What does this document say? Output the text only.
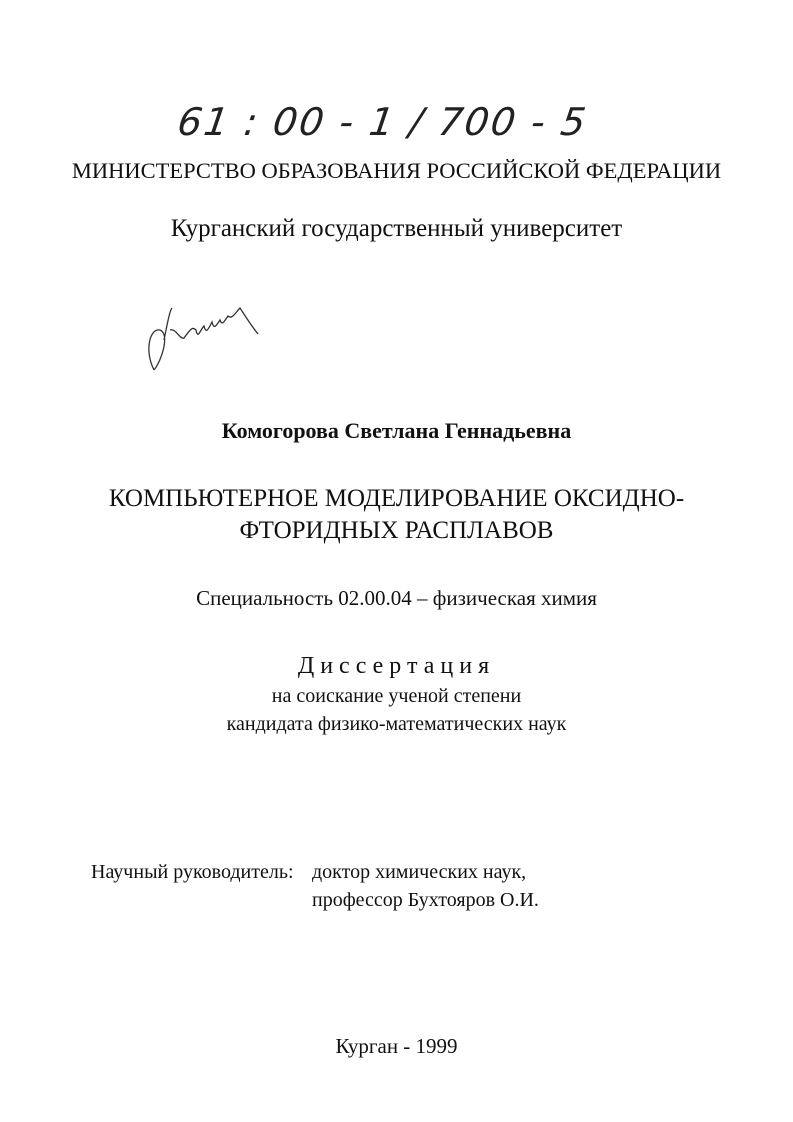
61 : 00 - 1 / 700 - 5
МИНИСТЕРСТВО ОБРАЗОВАНИЯ РОССИЙСКОЙ ФЕДЕРАЦИИ
Курганский государственный университет
Комогорова Светлана Геннадьевна
КОМПЬЮТЕРНОЕ МОДЕЛИРОВАНИЕ ОКСИДНО-
ФТОРИДНЫХ РАСПЛАВОВ
Специальность 02.00.04 – физическая химия
Диссертация
на соискание ученой степени
кандидата физико-математических наук
Научный руководитель: доктор химических наук,
профессор Бухтояров О.И.
Курган - 1999
